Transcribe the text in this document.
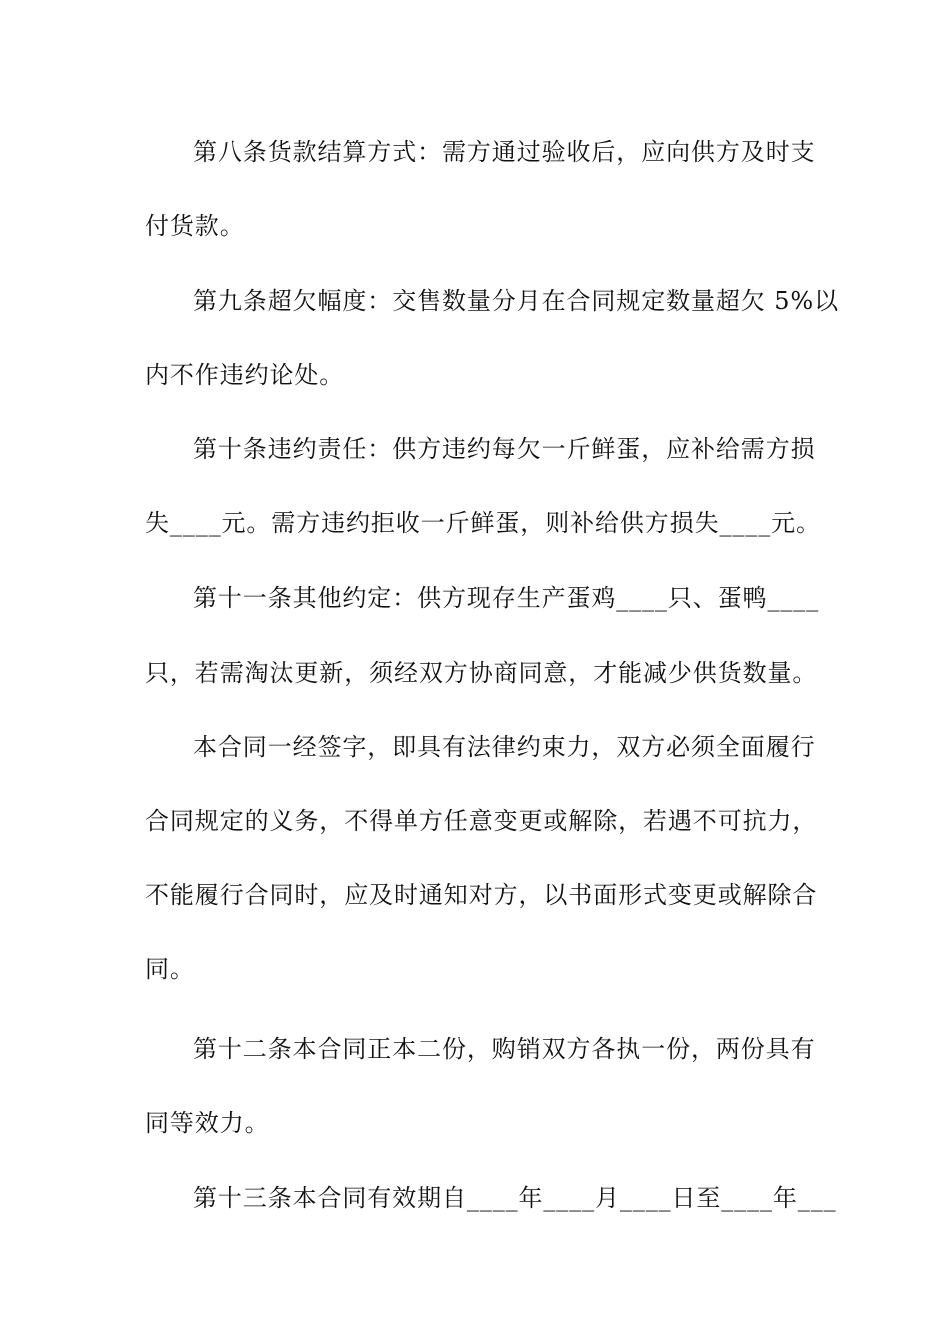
第八条货款结算方式：需方通过验收后，应向供方及时支
付货款。
第九条超欠幅度：交售数量分月在合同规定数量超欠 5%以
内不作违约论处。
第十条违约责任：供方违约每欠一斤鲜蛋，应补给需方损
失____元。需方违约拒收一斤鲜蛋，则补给供方损失____元。
第十一条其他约定：供方现存生产蛋鸡____只、蛋鸭____
只，若需淘汰更新，须经双方协商同意，才能减少供货数量。
本合同一经签字，即具有法律约束力，双方必须全面履行
合同规定的义务，不得单方任意变更或解除，若遇不可抗力，
不能履行合同时，应及时通知对方，以书面形式变更或解除合
同。
第十二条本合同正本二份，购销双方各执一份，两份具有
同等效力。
第十三条本合同有效期自____年____月____日至____年___
